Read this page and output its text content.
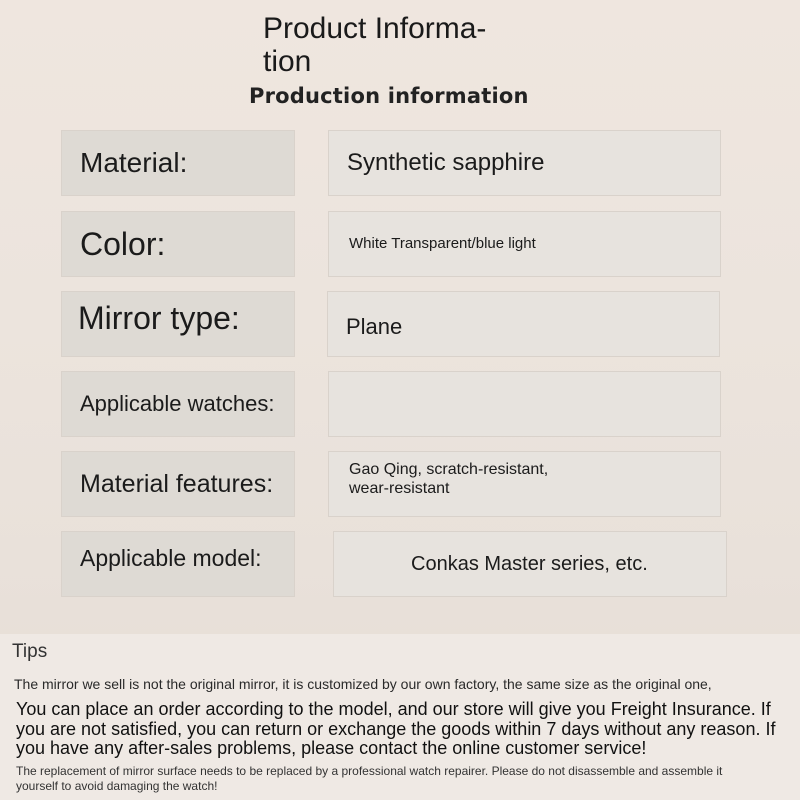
Product Informa-
tion
Production information
Material:	Synthetic sapphire
Color:	White Transparent/blue light
Mirror type:	Plane
Applicable watches:
Material features:	Gao Qing, scratch-resistant, wear-resistant
Applicable model:	Conkas Master series, etc.
Tips
The mirror we sell is not the original mirror, it is customized by our own factory, the same size as the original one,
You can place an order according to the model, and our store will give you Freight Insurance. If you are not satisfied, you can return or exchange the goods within 7 days without any reason. If you have any after-sales problems, please contact the online customer service!
The replacement of mirror surface needs to be replaced by a professional watch repairer. Please do not disassemble and assemble it yourself to avoid damaging the watch!
